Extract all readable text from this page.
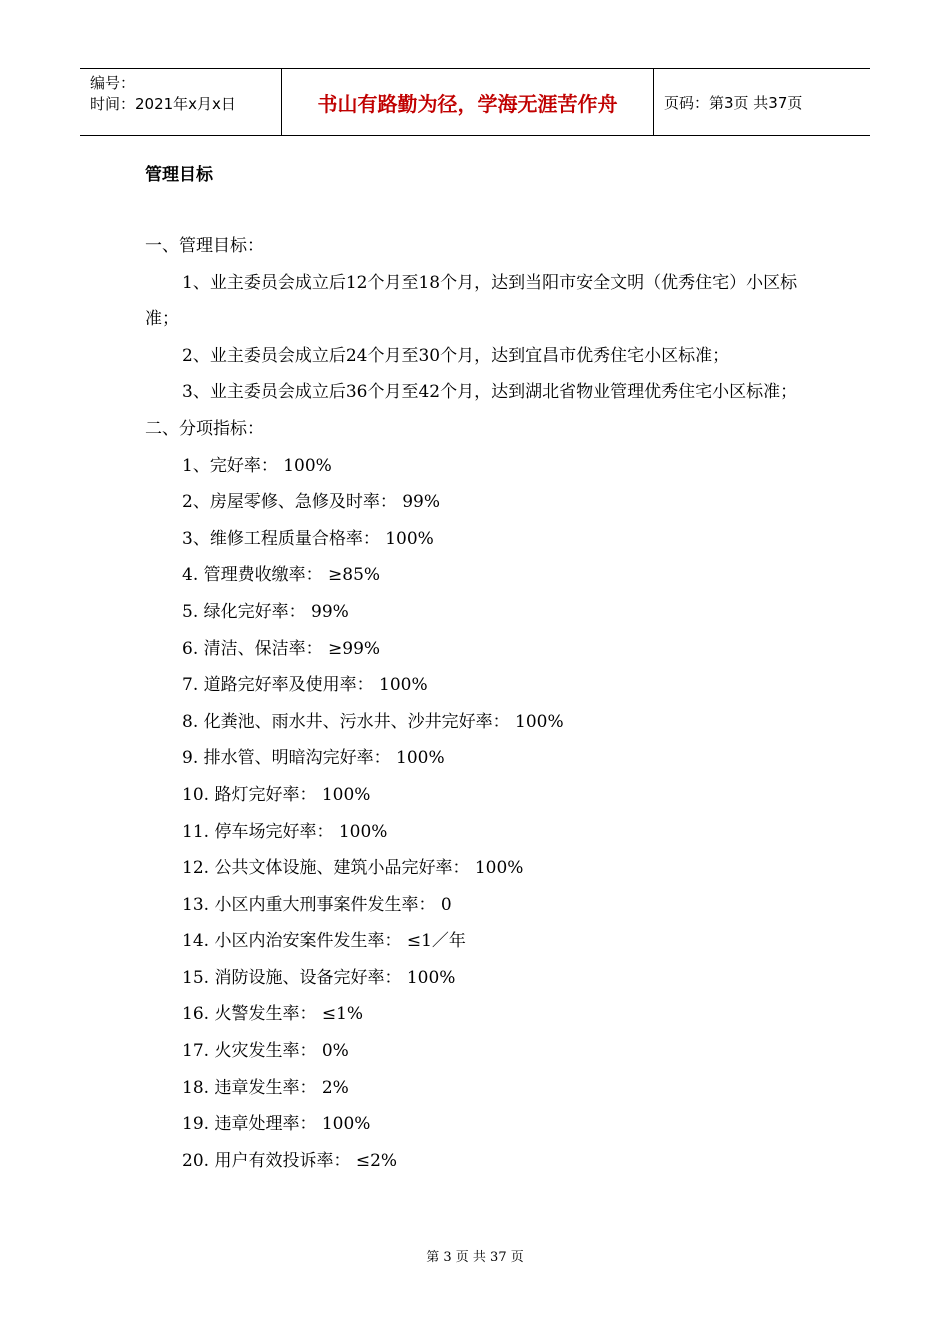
编号：
时间：2021年x月x日	书山有路勤为径，学海无涯苦作舟	页码：第3页 共37页
管理目标
一、管理目标：
1、业主委员会成立后12个月至18个月，达到当阳市安全文明（优秀住宅）小区标准；
2、业主委员会成立后24个月至30个月，达到宜昌市优秀住宅小区标准；
3、业主委员会成立后36个月至42个月，达到湖北省物业管理优秀住宅小区标准；
二、分项指标：
1、完好率： 100%
2、房屋零修、急修及时率： 99%
3、维修工程质量合格率： 100%
4. 管理费收缴率： ≥85%
5. 绿化完好率： 99%
6. 清洁、保洁率： ≥99%
7. 道路完好率及使用率： 100%
8. 化粪池、雨水井、污水井、沙井完好率： 100%
9. 排水管、明暗沟完好率： 100%
10. 路灯完好率： 100%
11. 停车场完好率： 100%
12. 公共文体设施、建筑小品完好率： 100%
13. 小区内重大刑事案件发生率： 0
14. 小区内治安案件发生率： ≤1／年
15. 消防设施、设备完好率： 100%
16. 火警发生率： ≤1%
17. 火灾发生率： 0%
18. 违章发生率： 2%
19. 违章处理率： 100%
20. 用户有效投诉率： ≤2%
第 3 页 共 37 页
